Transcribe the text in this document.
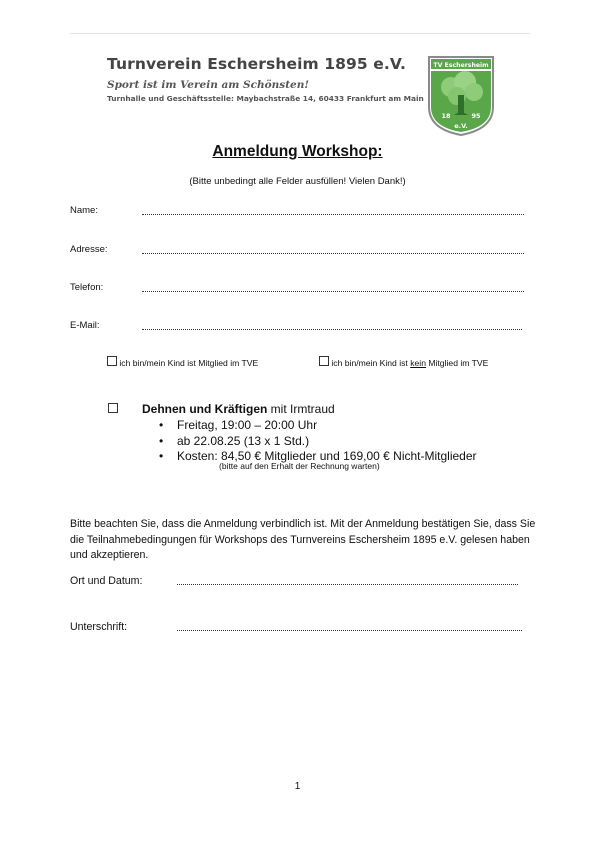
Turnverein Eschersheim 1895 e.V.
Sport ist im Verein am Schönsten!
Turnhalle und Geschäftsstelle: Maybachstraße 14, 60433 Frankfurt am Main
TV Eschersheim
18	95
e.V.
Anmeldung Workshop:
(Bitte unbedingt alle Felder ausfüllen! Vielen Dank!)
Name:
Adresse:
Telefon:
E-Mail:
ich bin/mein Kind ist Mitglied im TVE	ich bin/mein Kind ist kein Mitglied im TVE
Dehnen und Kräftigen mit Irmtraud
• Freitag, 19:00 – 20:00 Uhr
• ab 22.08.25 (13 x 1 Std.)
• Kosten: 84,50 € Mitglieder und 169,00 € Nicht-Mitglieder
(bitte auf den Erhalt der Rechnung warten)
Bitte beachten Sie, dass die Anmeldung verbindlich ist. Mit der Anmeldung bestätigen Sie, dass Sie die Teilnahmebedingungen für Workshops des Turnvereins Eschersheim 1895 e.V. gelesen haben und akzeptieren.
Ort und Datum:
Unterschrift:
1
